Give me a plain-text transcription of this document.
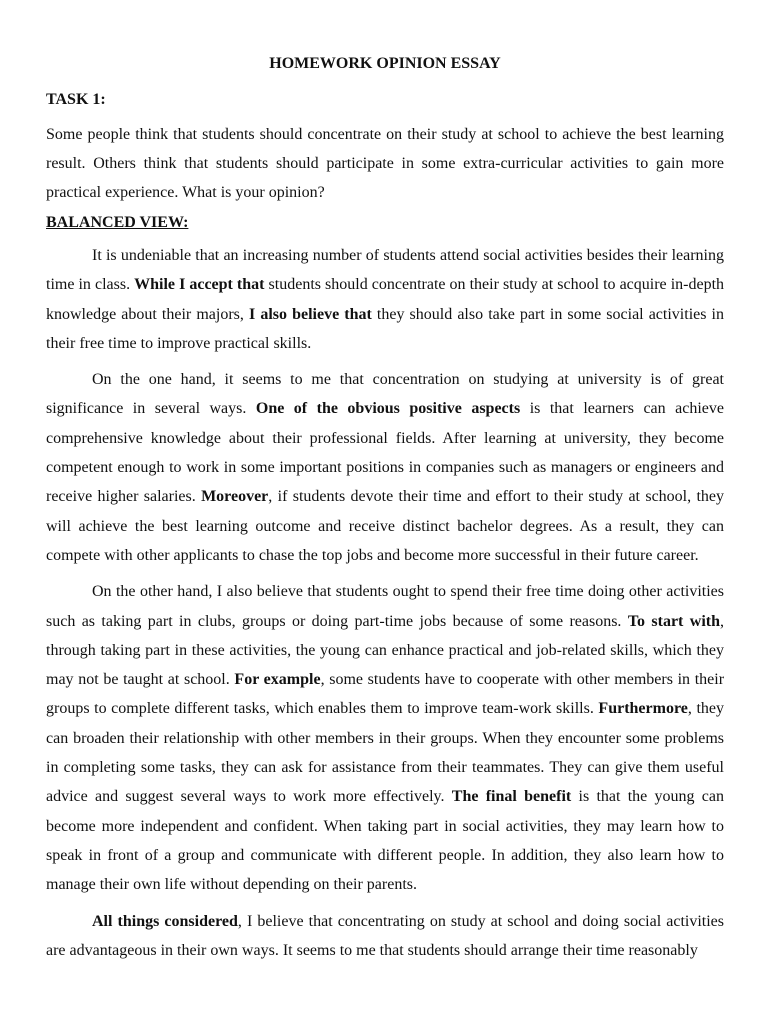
HOMEWORK OPINION ESSAY
TASK 1:

Some people think that students should concentrate on their study at school to achieve the best learning result. Others think that students should participate in some extra-curricular activities to gain more practical experience. What is your opinion?

BALANCED VIEW:

It is undeniable that an increasing number of students attend social activities besides their learning time in class. While I accept that students should concentrate on their study at school to acquire in-depth knowledge about their majors, I also believe that they should also take part in some social activities in their free time to improve practical skills.

On the one hand, it seems to me that concentration on studying at university is of great significance in several ways. One of the obvious positive aspects is that learners can achieve comprehensive knowledge about their professional fields. After learning at university, they become competent enough to work in some important positions in companies such as managers or engineers and receive higher salaries. Moreover, if students devote their time and effort to their study at school, they will achieve the best learning outcome and receive distinct bachelor degrees. As a result, they can compete with other applicants to chase the top jobs and become more successful in their future career.

On the other hand, I also believe that students ought to spend their free time doing other activities such as taking part in clubs, groups or doing part-time jobs because of some reasons. To start with, through taking part in these activities, the young can enhance practical and job-related skills, which they may not be taught at school. For example, some students have to cooperate with other members in their groups to complete different tasks, which enables them to improve team-work skills. Furthermore, they can broaden their relationship with other members in their groups. When they encounter some problems in completing some tasks, they can ask for assistance from their teammates. They can give them useful advice and suggest several ways to work more effectively. The final benefit is that the young can become more independent and confident. When taking part in social activities, they may learn how to speak in front of a group and communicate with different people. In addition, they also learn how to manage their own life without depending on their parents.

All things considered, I believe that concentrating on study at school and doing social activities are advantageous in their own ways. It seems to me that students should arrange their time reasonably
